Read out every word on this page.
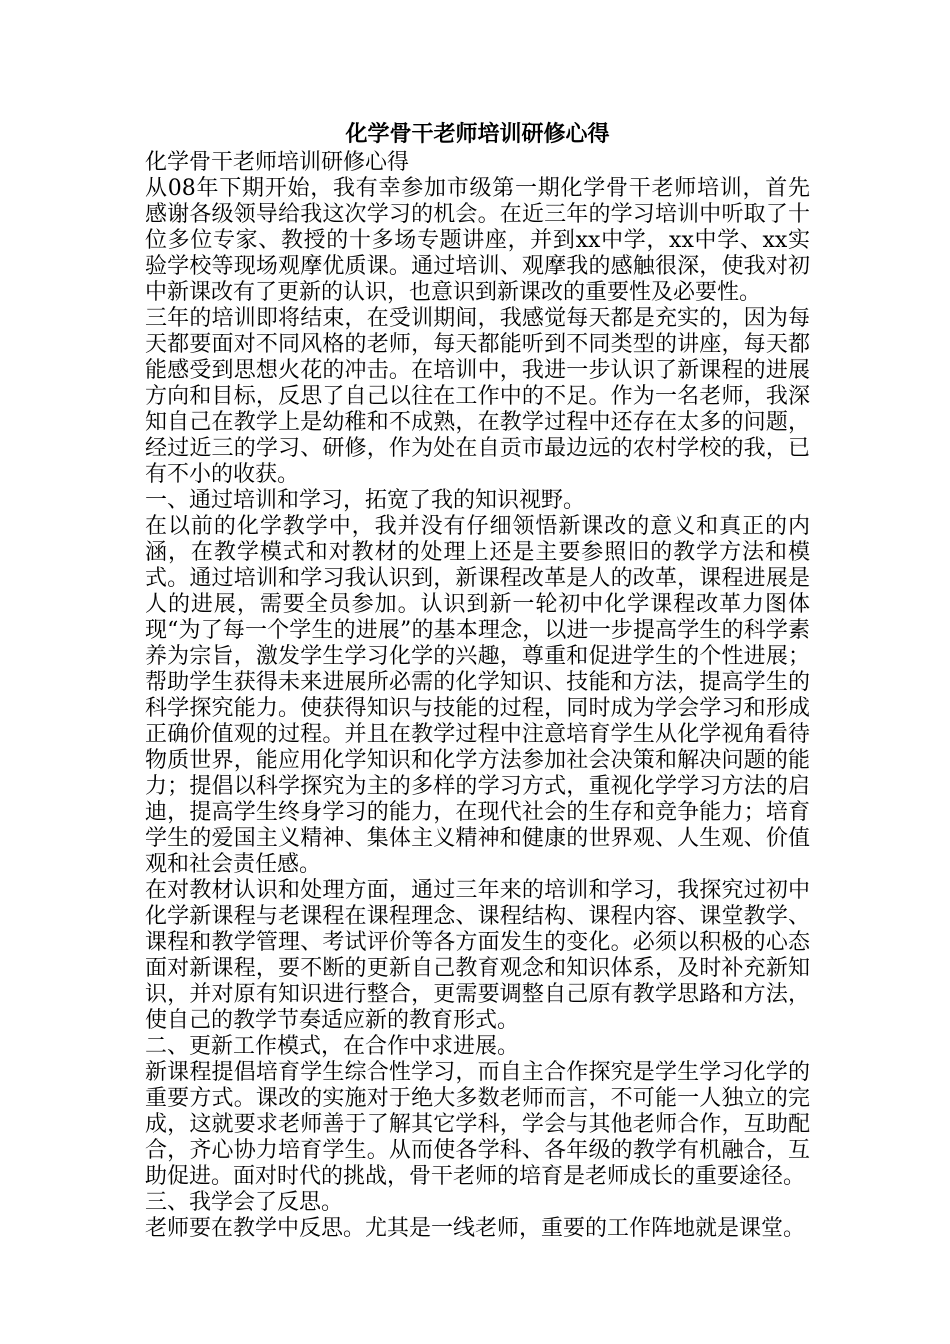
化学骨干老师培训研修心得

化学骨干老师培训研修心得

从08年下期开始，我有幸参加市级第一期化学骨干老师培训，首先感谢各级领导给我这次学习的机会。在近三年的学习培训中听取了十位多位专家、教授的十多场专题讲座，并到xx中学，xx中学、xx实验学校等现场观摩优质课。通过培训、观摩我的感触很深，使我对初中新课改有了更新的认识，也意识到新课改的重要性及必要性。

三年的培训即将结束，在受训期间，我感觉每天都是充实的，因为每天都要面对不同风格的老师，每天都能听到不同类型的讲座，每天都能感受到思想火花的冲击。在培训中，我进一步认识了新课程的进展方向和目标，反思了自己以往在工作中的不足。作为一名老师，我深知自己在教学上是幼稚和不成熟，在教学过程中还存在太多的问题，经过近三的学习、研修，作为处在自贡市最边远的农村学校的我，已有不小的收获。

一、通过培训和学习，拓宽了我的知识视野。

在以前的化学教学中，我并没有仔细领悟新课改的意义和真正的内涵，在教学模式和对教材的处理上还是主要参照旧的教学方法和模式。通过培训和学习我认识到，新课程改革是人的改革，课程进展是人的进展，需要全员参加。认识到新一轮初中化学课程改革力图体现“为了每一个学生的进展”的基本理念，以进一步提高学生的科学素养为宗旨，激发学生学习化学的兴趣，尊重和促进学生的个性进展；帮助学生获得未来进展所必需的化学知识、技能和方法，提高学生的科学探究能力。使获得知识与技能的过程，同时成为学会学习和形成正确价值观的过程。并且在教学过程中注意培育学生从化学视角看待物质世界，能应用化学知识和化学方法参加社会决策和解决问题的能力；提倡以科学探究为主的多样的学习方式，重视化学学习方法的启迪，提高学生终身学习的能力，在现代社会的生存和竞争能力；培育学生的爱国主义精神、集体主义精神和健康的世界观、人生观、价值观和社会责任感。

在对教材认识和处理方面，通过三年来的培训和学习，我探究过初中化学新课程与老课程在课程理念、课程结构、课程内容、课堂教学、课程和教学管理、考试评价等各方面发生的变化。必须以积极的心态面对新课程，要不断的更新自己教育观念和知识体系，及时补充新知识，并对原有知识进行整合，更需要调整自己原有教学思路和方法，使自己的教学节奏适应新的教育形式。

二、更新工作模式，在合作中求进展。

新课程提倡培育学生综合性学习，而自主合作探究是学生学习化学的重要方式。课改的实施对于绝大多数老师而言，不可能一人独立的完成，这就要求老师善于了解其它学科，学会与其他老师合作，互助配合，齐心协力培育学生。从而使各学科、各年级的教学有机融合，互助促进。面对时代的挑战，骨干老师的培育是老师成长的重要途径。

三、我学会了反思。

老师要在教学中反思。尤其是一线老师，重要的工作阵地就是课堂。
